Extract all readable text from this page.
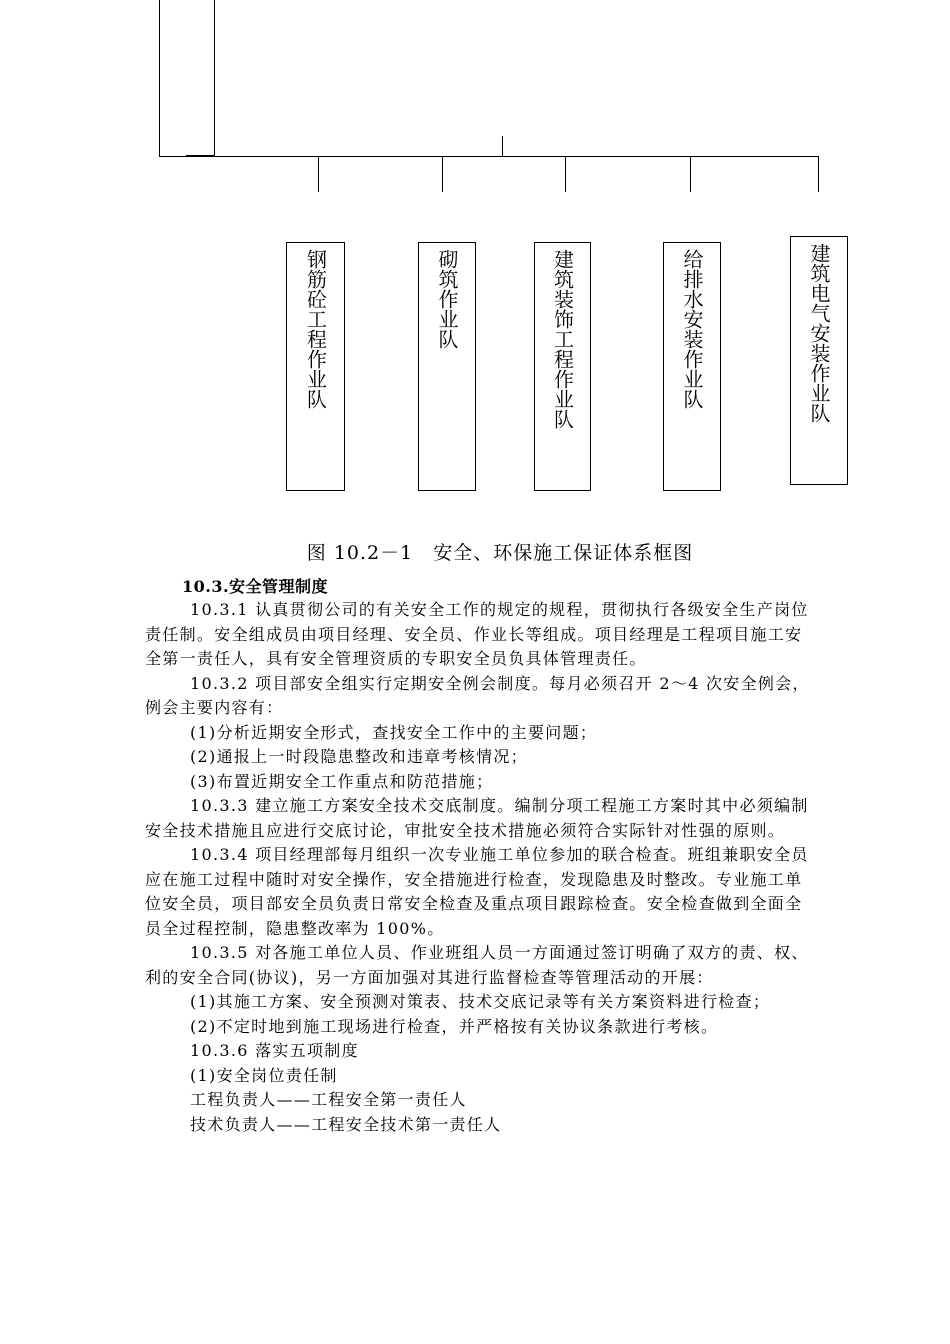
钢筋砼工程作业队	砌筑作业队	建筑装饰工程作业队	给排水安装作业队	建筑电气安装作业队
图 10.2－1　安全、环保施工保证体系框图
10.3.安全管理制度

10.3.1 认真贯彻公司的有关安全工作的规定的规程，贯彻执行各级安全生产岗位责任制。安全组成员由项目经理、安全员、作业长等组成。项目经理是工程项目施工安全第一责任人，具有安全管理资质的专职安全员负具体管理责任。

10.3.2 项目部安全组实行定期安全例会制度。每月必须召开 2～4 次安全例会，例会主要内容有：

(1)分析近期安全形式，查找安全工作中的主要问题；

(2)通报上一时段隐患整改和违章考核情况；

(3)布置近期安全工作重点和防范措施；

10.3.3 建立施工方案安全技术交底制度。编制分项工程施工方案时其中必须编制安全技术措施且应进行交底讨论，审批安全技术措施必须符合实际针对性强的原则。

10.3.4 项目经理部每月组织一次专业施工单位参加的联合检查。班组兼职安全员应在施工过程中随时对安全操作，安全措施进行检查，发现隐患及时整改。专业施工单位安全员，项目部安全员负责日常安全检查及重点项目跟踪检查。安全检查做到全面全员全过程控制，隐患整改率为 100%。

10.3.5 对各施工单位人员、作业班组人员一方面通过签订明确了双方的责、权、利的安全合同(协议)，另一方面加强对其进行监督检查等管理活动的开展：

(1)其施工方案、安全预测对策表、技术交底记录等有关方案资料进行检查；

(2)不定时地到施工现场进行检查，并严格按有关协议条款进行考核。

10.3.6 落实五项制度

(1)安全岗位责任制

工程负责人——工程安全第一责任人

技术负责人——工程安全技术第一责任人
